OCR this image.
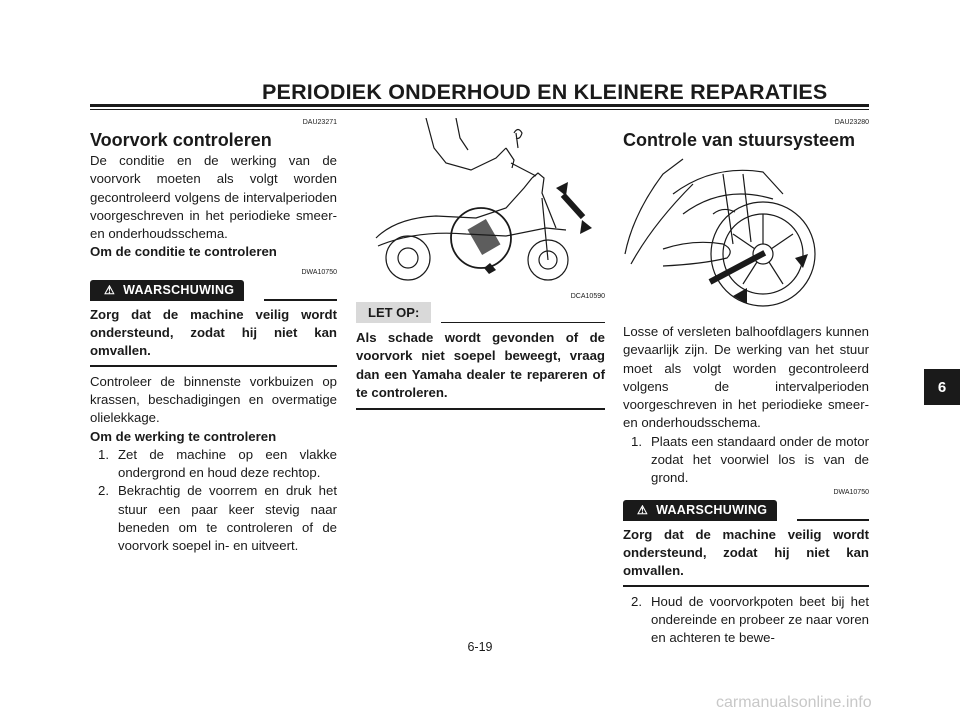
PERIODIEK ONDERHOUD EN KLEINERE REPARATIES
DAU23271
Voorvork controleren

De conditie en de werking van de voorvork moeten als volgt worden gecontroleerd volgens de intervalperioden voorgeschreven in het periodieke smeer- en onderhoudsschema.

Om de conditie te controleren
DWA10750
⚠ WAARSCHUWING
Zorg dat de machine veilig wordt ondersteund, zodat hij niet kan omvallen.

Controleer de binnenste vorkbuizen op krassen, beschadigingen en overmatige olielekkage.

Om de werking te controleren
1. Zet de machine op een vlakke ondergrond en houd deze rechtop.
2. Bekrachtig de voorrem en druk het stuur een paar keer stevig naar beneden om te controleren of de voorvork soepel in- en uitveert.
DCA10590
LET OP:
Als schade wordt gevonden of de voorvork niet soepel beweegt, vraag dan een Yamaha dealer te repareren of te controleren.
DAU23280
Controle van stuursysteem

Losse of versleten balhoofdlagers kunnen gevaarlijk zijn. De werking van het stuur moet als volgt worden gecontroleerd volgens de intervalperioden voorgeschreven in het periodieke smeer- en onderhoudsschema.

1. Plaats een standaard onder de motor zodat het voorwiel los is van de grond.
DWA10750
⚠ WAARSCHUWING
Zorg dat de machine veilig wordt ondersteund, zodat hij niet kan omvallen.
2. Houd de voorvorkpoten beet bij het ondereinde en probeer ze naar voren en achteren te bewe-
6-19
6
carmanualsonline.info
